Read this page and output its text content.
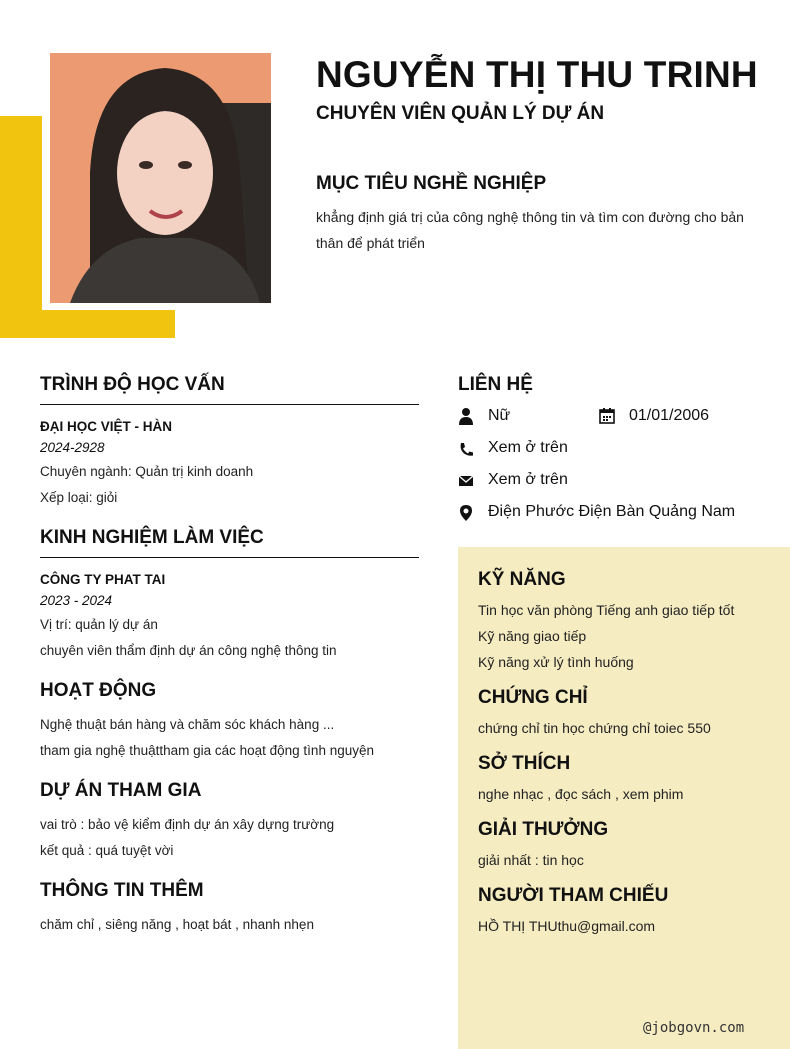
NGUYỄN THỊ THU TRINH
CHUYÊN VIÊN QUẢN LÝ DỰ ÁN
MỤC TIÊU NGHỀ NGHIỆP
khẳng định giá trị của công nghệ thông tin và tìm con đường cho bản thân để phát triển
TRÌNH ĐỘ HỌC VẤN
ĐẠI HỌC VIỆT - HÀN
2024-2928
Chuyên ngành: Quản trị kinh doanh
Xếp loại: giỏi
KINH NGHIỆM LÀM VIỆC
CÔNG TY PHAT TAI
2023 - 2024
Vị trí: quản lý dự án
chuyên viên thẩm định dự án công nghệ thông tin
HOẠT ĐỘNG
Nghệ thuật bán hàng và chăm sóc khách hàng ...
tham gia nghệ thuậttham gia các hoạt động tình nguyện
DỰ ÁN THAM GIA
vai trò : bảo vệ kiểm định dự án xây dựng trường
kết quả : quá tuyệt vời
THÔNG TIN THÊM
chăm chỉ , siêng năng , hoạt bát , nhanh nhẹn
LIÊN HỆ
Nữ	01/01/2006
Xem ở trên
Xem ở trên
Điện Phước Điện Bàn Quảng Nam
KỸ NĂNG
Tin học văn phòng Tiếng anh giao tiếp tốt
Kỹ năng giao tiếp
Kỹ năng xử lý tình huống
CHỨNG CHỈ
chứng chỉ tin học chứng chỉ toiec 550
SỞ THÍCH
nghe nhạc , đọc sách , xem phim
GIẢI THƯỞNG
giải nhất : tin học
NGƯỜI THAM CHIẾU
HỒ THỊ THUthu@gmail.com
@jobgovn.com
